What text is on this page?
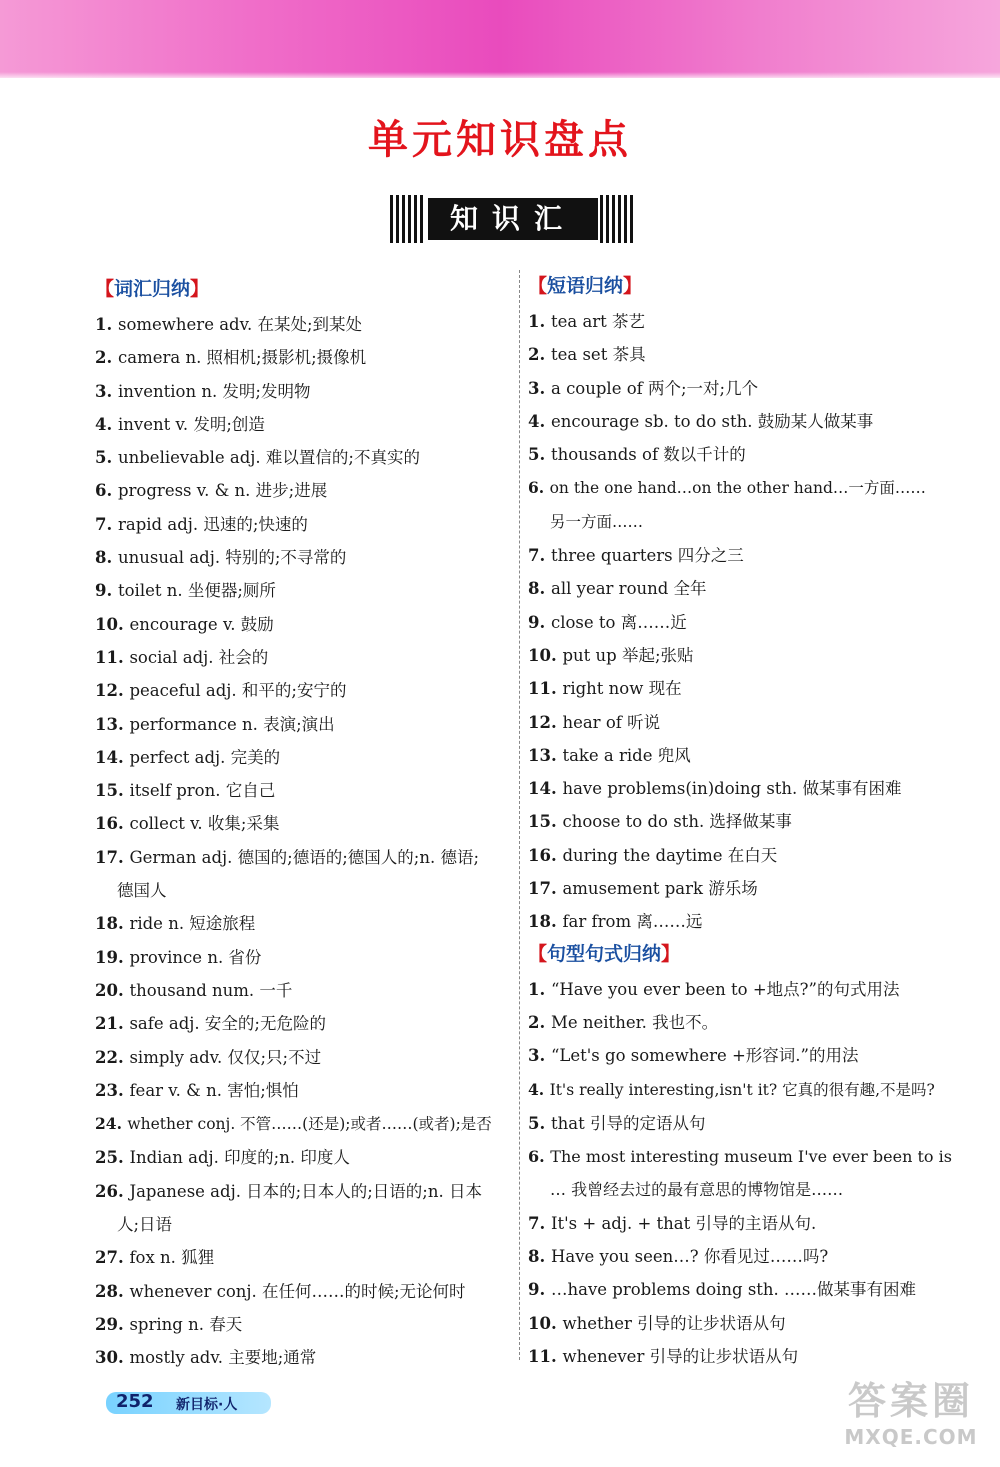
单元知识盘点
知识汇
【词汇归纳】
1. somewhere adv. 在某处;到某处
2. camera n. 照相机;摄影机;摄像机
3. invention n. 发明;发明物
4. invent v. 发明;创造
5. unbelievable adj. 难以置信的;不真实的
6. progress v. & n. 进步;进展
7. rapid adj. 迅速的;快速的
8. unusual adj. 特别的;不寻常的
9. toilet n. 坐便器;厕所
10. encourage v. 鼓励
11. social adj. 社会的
12. peaceful adj. 和平的;安宁的
13. performance n. 表演;演出
14. perfect adj. 完美的
15. itself pron. 它自己
16. collect v. 收集;采集
17. German adj. 德国的;德语的;德国人的;n. 德语;
德国人
18. ride n. 短途旅程
19. province n. 省份
20. thousand num. 一千
21. safe adj. 安全的;无危险的
22. simply adv. 仅仅;只;不过
23. fear v. & n. 害怕;惧怕
24. whether conj. 不管……(还是);或者……(或者);是否
25. Indian adj. 印度的;n. 印度人
26. Japanese adj. 日本的;日本人的;日语的;n. 日本
人;日语
27. fox n. 狐狸
28. whenever conj. 在任何……的时候;无论何时
29. spring n. 春天
30. mostly adv. 主要地;通常
【短语归纳】
1. tea art 茶艺
2. tea set 茶具
3. a couple of 两个;一对;几个
4. encourage sb. to do sth. 鼓励某人做某事
5. thousands of 数以千计的
6. on the one hand…on the other hand…一方面……
另一方面……
7. three quarters 四分之三
8. all year round 全年
9. close to 离……近
10. put up 举起;张贴
11. right now 现在
12. hear of 听说
13. take a ride 兜风
14. have problems(in)doing sth. 做某事有困难
15. choose to do sth. 选择做某事
16. during the daytime 在白天
17. amusement park 游乐场
18. far from 离……远
【句型句式归纳】
1. “Have you ever been to +地点?”的句式用法
2. Me neither. 我也不。
3. “Let's go somewhere +形容词.”的用法
4. It's really interesting,isn't it? 它真的很有趣,不是吗?
5. that 引导的定语从句
6. The most interesting museum I've ever been to is
… 我曾经去过的最有意思的博物馆是……
7. It's + adj. + that 引导的主语从句.
8. Have you seen…? 你看见过……吗?
9. …have problems doing sth. ……做某事有困难
10. whether 引导的让步状语从句
11. whenever 引导的让步状语从句
252 新目标·人	答案圈
MXQE.COM
